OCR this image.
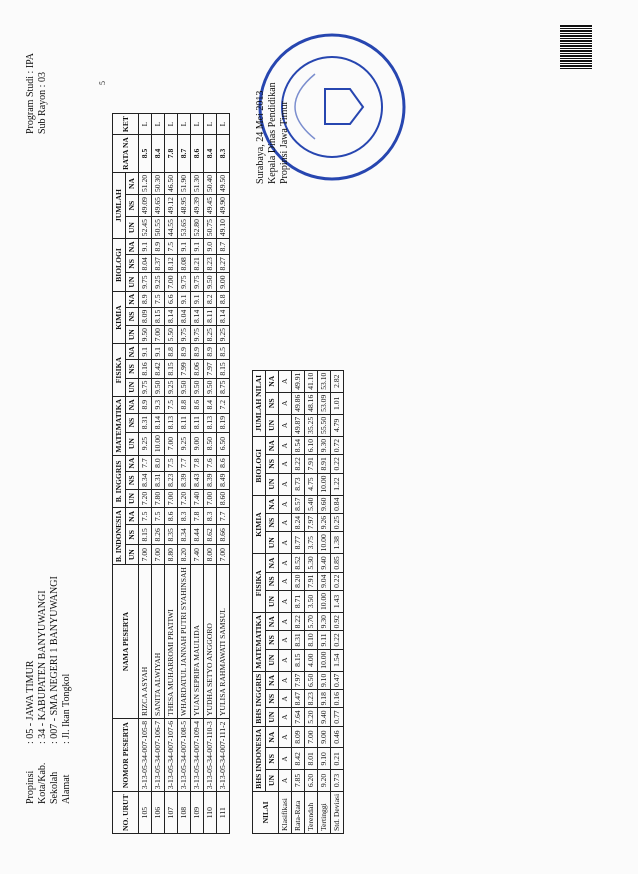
Propinsi
: 05 - JAWA TIMUR
Kota/Kab.
: 34 - KABUPATEN BANYUWANGI
Sekolah
: 007 - SMA NEGERI 1 BANYUWANGI
Alamat
: Jl. Ikan Tongkol
Program Studi : IPA Sub Rayon : 03	5
NO. URUT	NOMOR PESERTA	NAMA PESERTA	B. INDONESIA			B. INGGRIS			MATEMATIKA			FISIKA			KIMIA			BIOLOGI			JUMLAH			RATA NA	KET
			UN	NS	NA	UN	NS	NA	UN	NS	NA	UN	NS	NA	UN	NS	NA	UN	NS	NA	UN	NS	NA		
105	3-13-05-34-007-105-8	RIZCA ASYAH	7.00	8.15	7.5	7.20	8.34	7.7	9.25	8.31	8.9	9.75	8.16	9.1	9.50	8.09	8.9	9.75	8.04	9.1	52.45	49.09	51.20	8.5	L
106	3-13-05-34-007-106-7	SANITA ALWIYAH	7.00	8.26	7.5	7.80	8.31	8.0	10.00	8.14	9.3	9.50	8.42	9.1	7.00	8.15	7.5	9.25	8.37	8.9	50.55	49.65	50.30	8.4	L
107	3-13-05-34-007-107-6	THESA MUHARROMI PRATIWI	8.80	8.35	8.6	7.00	8.23	7.5	7.00	8.13	7.5	9.25	8.15	8.8	5.50	8.14	6.6	7.00	8.12	7.5	44.55	49.12	46.50	7.8	L
108	3-13-05-34-007-108-5	WHARDATUL JANNAH PUTRI SYAHINSAH	8.20	8.34	8.3	7.20	8.39	7.7	9.25	8.11	8.8	9.50	7.99	8.9	9.75	8.04	9.1	9.75	8.08	9.1	53.65	48.95	51.90	8.7	L
109	3-13-05-34-007-109-4	YUAN SEPRIFA MAULIDA	7.40	8.44	7.8	7.40	8.43	7.8	9.00	8.11	8.6	9.50	8.06	8.9	9.75	8.14	9.1	9.75	8.21	9.1	52.80	49.39	51.30	8.6	L
110	3-13-05-34-007-110-3	YUDHA SETYO ANGGORO	8.00	8.62	8.3	7.00	8.39	7.6	8.50	8.13	8.4	9.50	7.97	8.9	8.25	8.11	8.2	9.50	8.23	9.0	50.75	49.45	50.40	8.4	L
111	3-13-05-34-007-111-2	YULISA RAHMAWATI SAMSUL	7.00	8.66	7.7	8.60	8.49	8.6	6.50	8.19	7.2	8.75	8.15	8.5	9.25	8.14	8.8	9.00	8.27	8.7	49.10	49.90	49.50	8.3	L
NILAI	BHS INDONESIA			BHS INGGRIS			MATEMATIKA			FISIKA			KIMIA			BIOLOGI			JUMLAH NILAI		
	UN	NS	NA	UN	NS	NA	UN	NS	NA	UN	NS	NA	UN	NS	NA	UN	NS	NA	UN	NS	NA
Klasifikasi	A	A	A	A	A	A	A	A	A	A	A	A	A	A	A	A	A	A	A	A	A
Rata-Rata	7.85	8.42	8.09	7.64	8.47	7.97	8.15	8.31	8.22	8.71	8.20	8.52	8.77	8.24	8.57	8.73	8.22	8.54	49.87	49.86	49.91
Terendah	6.20	8.01	7.00	5.20	8.23	6.50	4.00	8.10	5.70	3.50	7.91	5.30	3.75	7.97	5.40	4.75	7.91	6.10	35.25	48.16	41.10
Tertinggi	9.20	9.10	9.00	9.40	9.18	9.10	10.00	9.11	9.30	10.00	9.04	9.40	10.00	9.26	9.60	10.00	8.91	9.30	55.50	53.09	53.10
Std. Deviasi	0.73	0.21	0.46	0.77	0.16	0.47	1.54	0.22	0.92	1.43	0.22	0.85	1.38	0.25	0.84	1.22	0.22	0.72	4.79	1.01	2.82
Surabaya, 24 Mei 2013 Kepala Dinas Pendidikan Propinsi Jawa Timur
